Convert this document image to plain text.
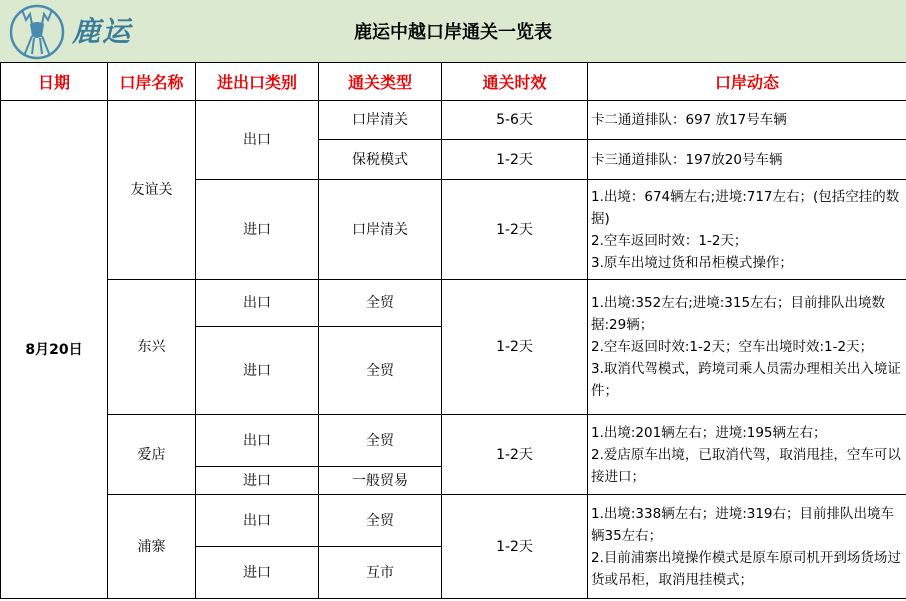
鹿运	鹿运中越口岸通关一览表
日期	口岸名称	进出口类别	通关类型	通关时效	口岸动态
8月20日	友谊关	出口	口岸清关	5-6天	卡二通道排队：697 放17号车辆

			保税模式	1-2天	卡三通道排队：197放20号车辆

		进口	口岸清关	1-2天	1.出境：674辆左右;进境:717左右；(包括空挂的数据)
2.空车返回时效：1-2天；
3.原车出境过货和吊柜模式操作；

	东兴	出口	全贸	1-2天	1.出境:352左右;进境:315左右；目前排队出境数据:29辆；
2.空车返回时效:1-2天；空车出境时效:1-2天；
3.取消代驾模式，跨境司乘人员需办理相关出入境证件；

		进口	全贸		
	爱店	出口	全贸	1-2天	1.出境:201辆左右；进境:195辆左右；
2.爱店原车出境，已取消代驾，取消甩挂，空车可以接进口；

		进口	一般贸易		
	浦寨	出口	全贸	1-2天	1.出境:338辆左右；进境:319右；目前排队出境车辆35左右；
2.目前浦寨出境操作模式是原车原司机开到场货场过货或吊柜，取消甩挂模式；

		进口	互市		
